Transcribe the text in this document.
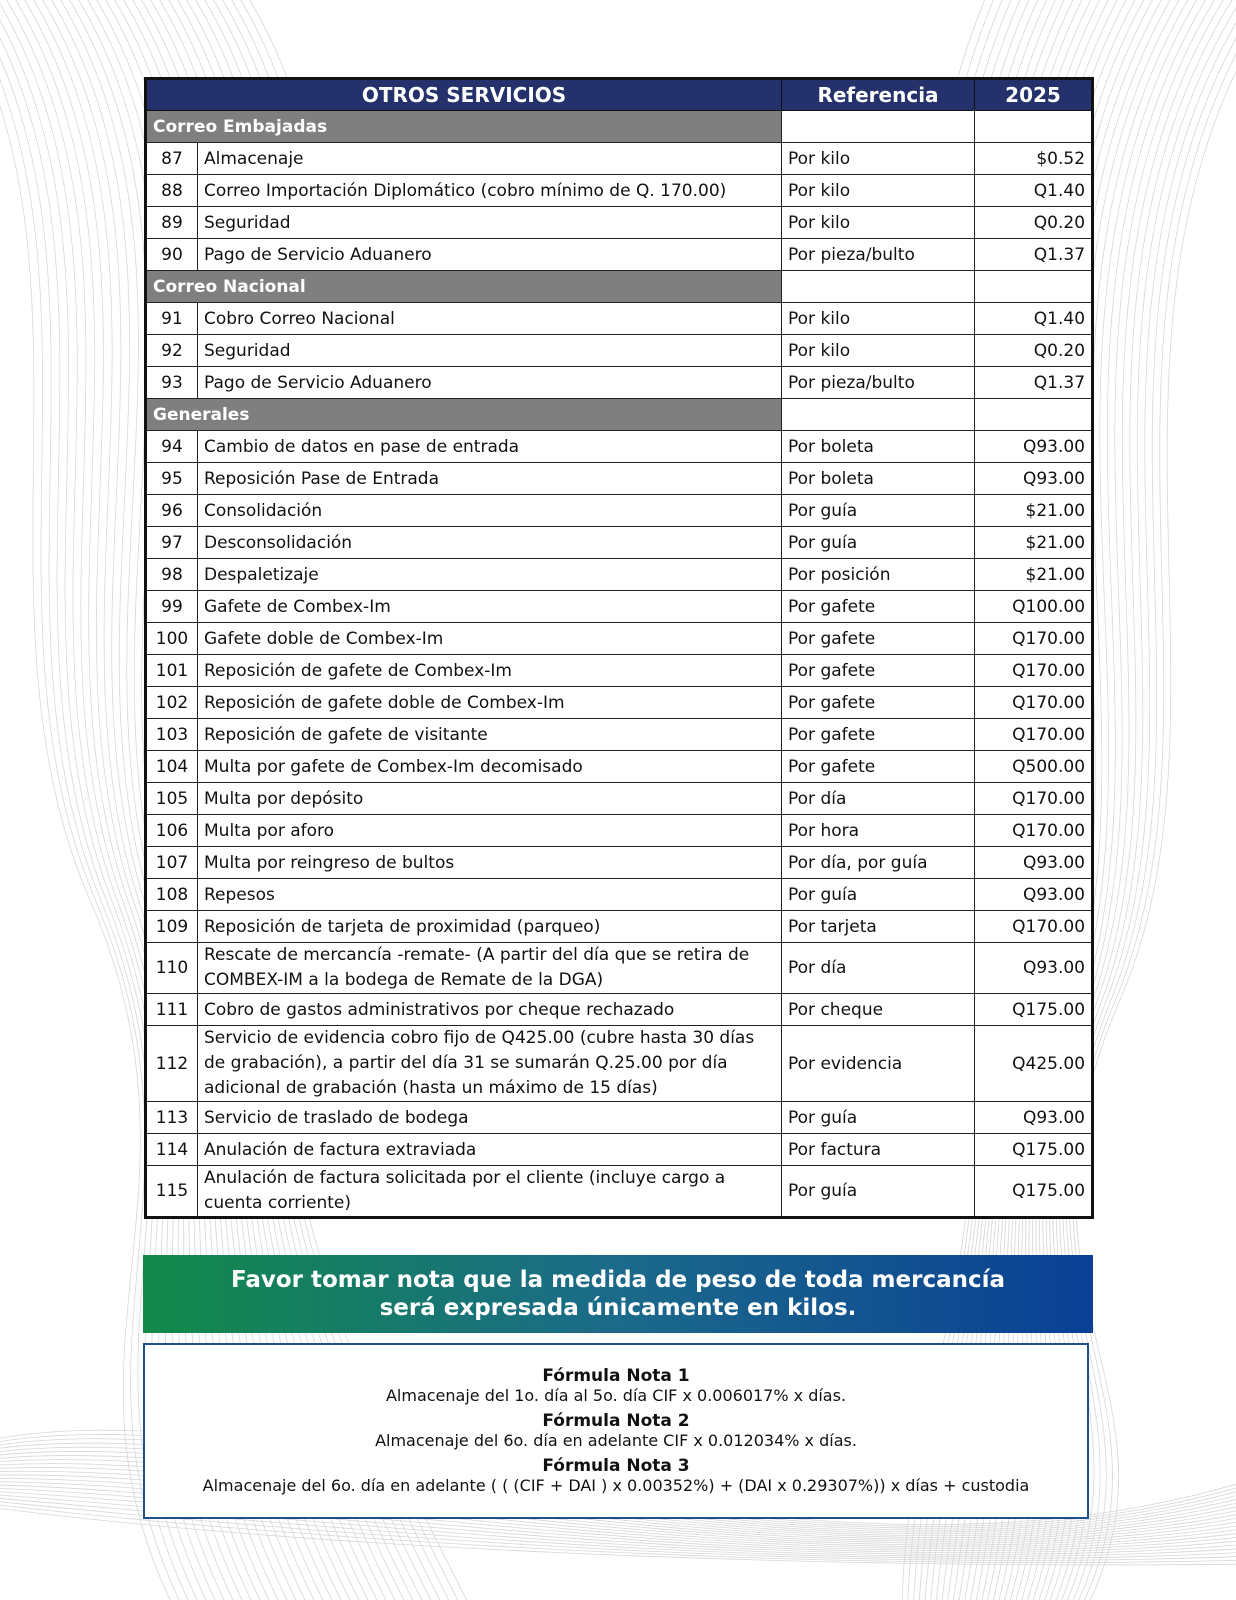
OTROS SERVICIOS		Referencia	2025
Correo Embajadas			
87	Almacenaje	Por kilo	$0.52
88	Correo Importación Diplomático (cobro mínimo de Q. 170.00)	Por kilo	Q1.40
89	Seguridad	Por kilo	Q0.20
90	Pago de Servicio Aduanero	Por pieza/bulto	Q1.37
Correo Nacional			
91	Cobro Correo Nacional	Por kilo	Q1.40
92	Seguridad	Por kilo	Q0.20
93	Pago de Servicio Aduanero	Por pieza/bulto	Q1.37
Generales			
94	Cambio de datos en pase de entrada	Por boleta	Q93.00
95	Reposición Pase de Entrada	Por boleta	Q93.00
96	Consolidación	Por guía	$21.00
97	Desconsolidación	Por guía	$21.00
98	Despaletizaje	Por posición	$21.00
99	Gafete de Combex-Im	Por gafete	Q100.00
100	Gafete doble de Combex-Im	Por gafete	Q170.00
101	Reposición de gafete de Combex-Im	Por gafete	Q170.00
102	Reposición de gafete doble de Combex-Im	Por gafete	Q170.00
103	Reposición de gafete de visitante	Por gafete	Q170.00
104	Multa por gafete de Combex-Im decomisado	Por gafete	Q500.00
105	Multa por depósito	Por día	Q170.00
106	Multa por aforo	Por hora	Q170.00
107	Multa por reingreso de bultos	Por día, por guía	Q93.00
108	Repesos	Por guía	Q93.00
109	Reposición de tarjeta de proximidad (parqueo)	Por tarjeta	Q170.00
110	Rescate de mercancía -remate- (A partir del día que se retira de COMBEX-IM a la bodega de Remate de la DGA)	Por día	Q93.00
111	Cobro de gastos administrativos por cheque rechazado	Por cheque	Q175.00
112	Servicio de evidencia cobro fijo de Q425.00 (cubre hasta 30 días de grabación), a partir del día 31 se sumarán Q.25.00 por día adicional de grabación (hasta un máximo de 15 días)	Por evidencia	Q425.00
113	Servicio de traslado de bodega	Por guía	Q93.00
114	Anulación de factura extraviada	Por factura	Q175.00
115	Anulación de factura solicitada por el cliente (incluye cargo a cuenta corriente)	Por guía	Q175.00
Favor tomar nota que la medida de peso de toda mercancía
será expresada únicamente en kilos.
Fórmula Nota 1
Almacenaje del 1o. día al 5o. día CIF x 0.006017% x días.
Fórmula Nota 2
Almacenaje del 6o. día en adelante CIF x 0.012034% x días.
Fórmula Nota 3
Almacenaje del 6o. día en adelante ( ( (CIF + DAI ) x 0.00352%) + (DAI x 0.29307%)) x días + custodia
